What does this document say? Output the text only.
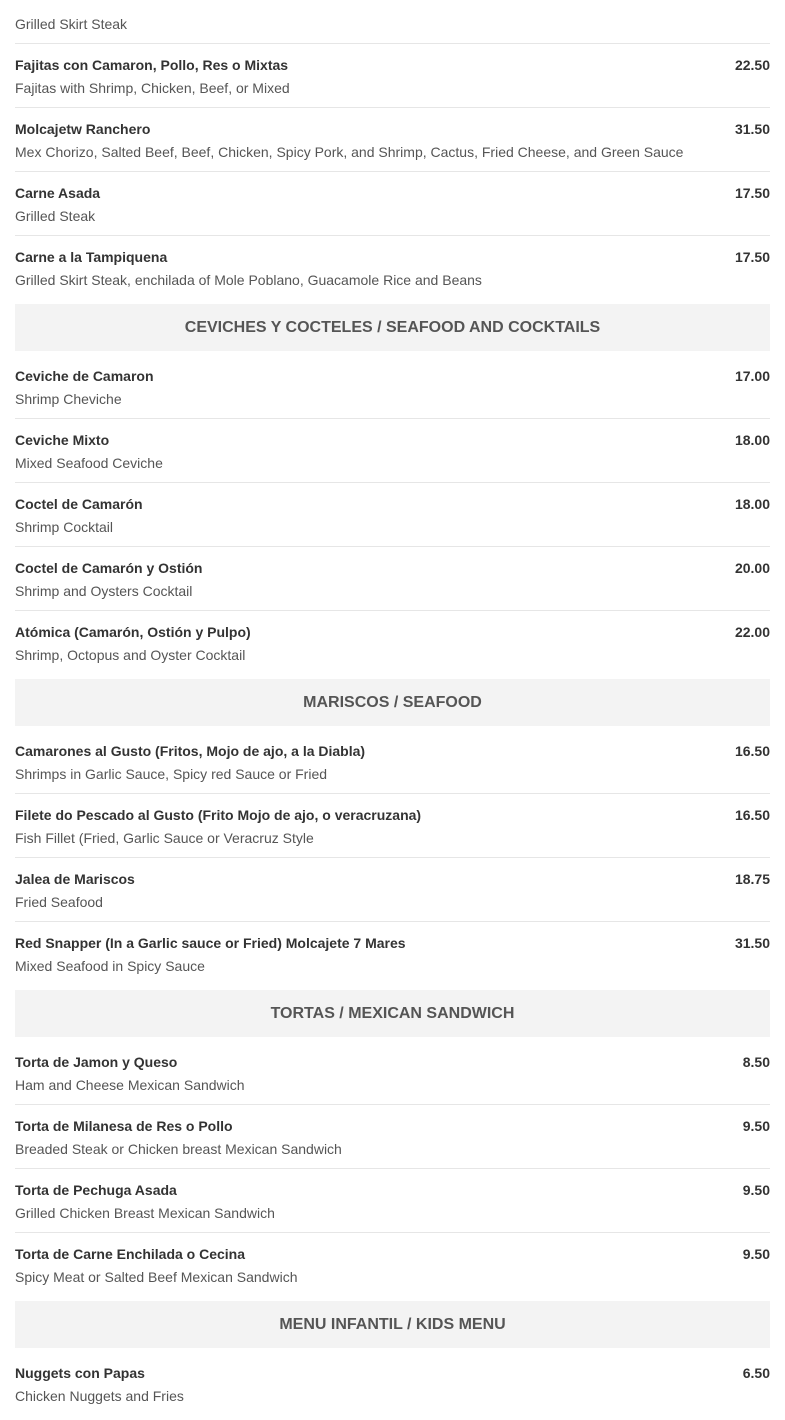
Grilled Skirt Steak
Fajitas con Camaron, Pollo, Res o Mixtas	22.50
Fajitas with Shrimp, Chicken, Beef, or Mixed
Molcajetw Ranchero	31.50
Mex Chorizo, Salted Beef, Beef, Chicken, Spicy Pork, and Shrimp, Cactus, Fried Cheese, and Green Sauce
Carne Asada	17.50
Grilled Steak
Carne a la Tampiquena	17.50
Grilled Skirt Steak, enchilada of Mole Poblano, Guacamole Rice and Beans
CEVICHES Y COCTELES / SEAFOOD AND COCKTAILS
Ceviche de Camaron	17.00
Shrimp Cheviche
Ceviche Mixto	18.00
Mixed Seafood Ceviche
Coctel de Camarón	18.00
Shrimp Cocktail
Coctel de Camarón y Ostión	20.00
Shrimp and Oysters Cocktail
Atómica (Camarón, Ostión y Pulpo)	22.00
Shrimp, Octopus and Oyster Cocktail
MARISCOS / SEAFOOD
Camarones al Gusto (Fritos, Mojo de ajo, a la Diabla)	16.50
Shrimps in Garlic Sauce, Spicy red Sauce or Fried
Filete do Pescado al Gusto (Frito Mojo de ajo, o veracruzana)	16.50
Fish Fillet (Fried, Garlic Sauce or Veracruz Style
Jalea de Mariscos	18.75
Fried Seafood
Red Snapper (In a Garlic sauce or Fried) Molcajete 7 Mares	31.50
Mixed Seafood in Spicy Sauce
TORTAS / MEXICAN SANDWICH
Torta de Jamon y Queso	8.50
Ham and Cheese Mexican Sandwich
Torta de Milanesa de Res o Pollo	9.50
Breaded Steak or Chicken breast Mexican Sandwich
Torta de Pechuga Asada	9.50
Grilled Chicken Breast Mexican Sandwich
Torta de Carne Enchilada o Cecina	9.50
Spicy Meat or Salted Beef Mexican Sandwich
MENU INFANTIL / KIDS MENU
Nuggets con Papas	6.50
Chicken Nuggets and Fries
